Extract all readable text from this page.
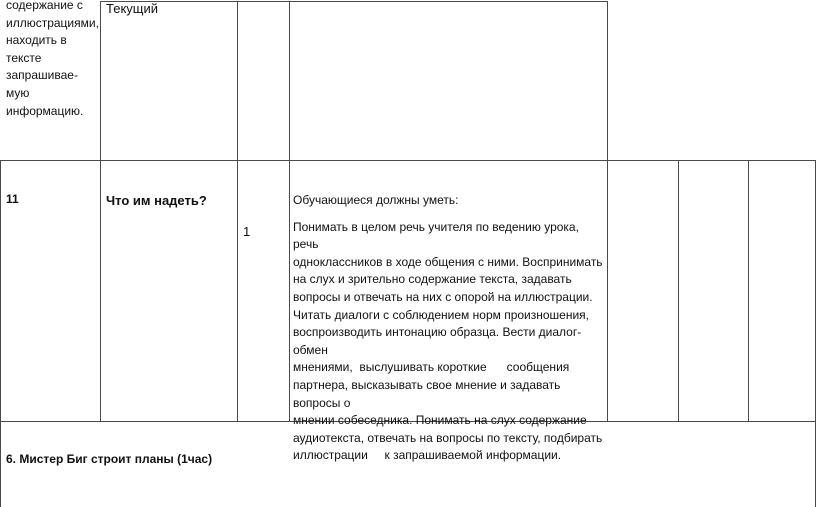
содержание с
иллюстрациями,
находить в
тексте
запрашивае-
мую
информацию.
Текущий
11	Что им надеть?
1
Обучающиеся должны уметь:
Понимать в целом речь учителя по ведению урока, речь
одноклассников в ходе общения с ними. Воспринимать
на слух и зрительно содержание текста, задавать
вопросы и отвечать на них с опорой на иллюстрации.
Читать диалоги с соблюдением норм произношения,
воспроизводить интонацию образца. Вести диалог-обмен
мнениями,  выслушивать короткие      сообщения
партнера, высказывать свое мнение и задавать вопросы о
мнении собеседника. Понимать на слух содержание
аудиотекста, отвечать на вопросы по тексту, подбирать
иллюстрации     к запрашиваемой информации.
6. Мистер Биг строит планы (1час)
